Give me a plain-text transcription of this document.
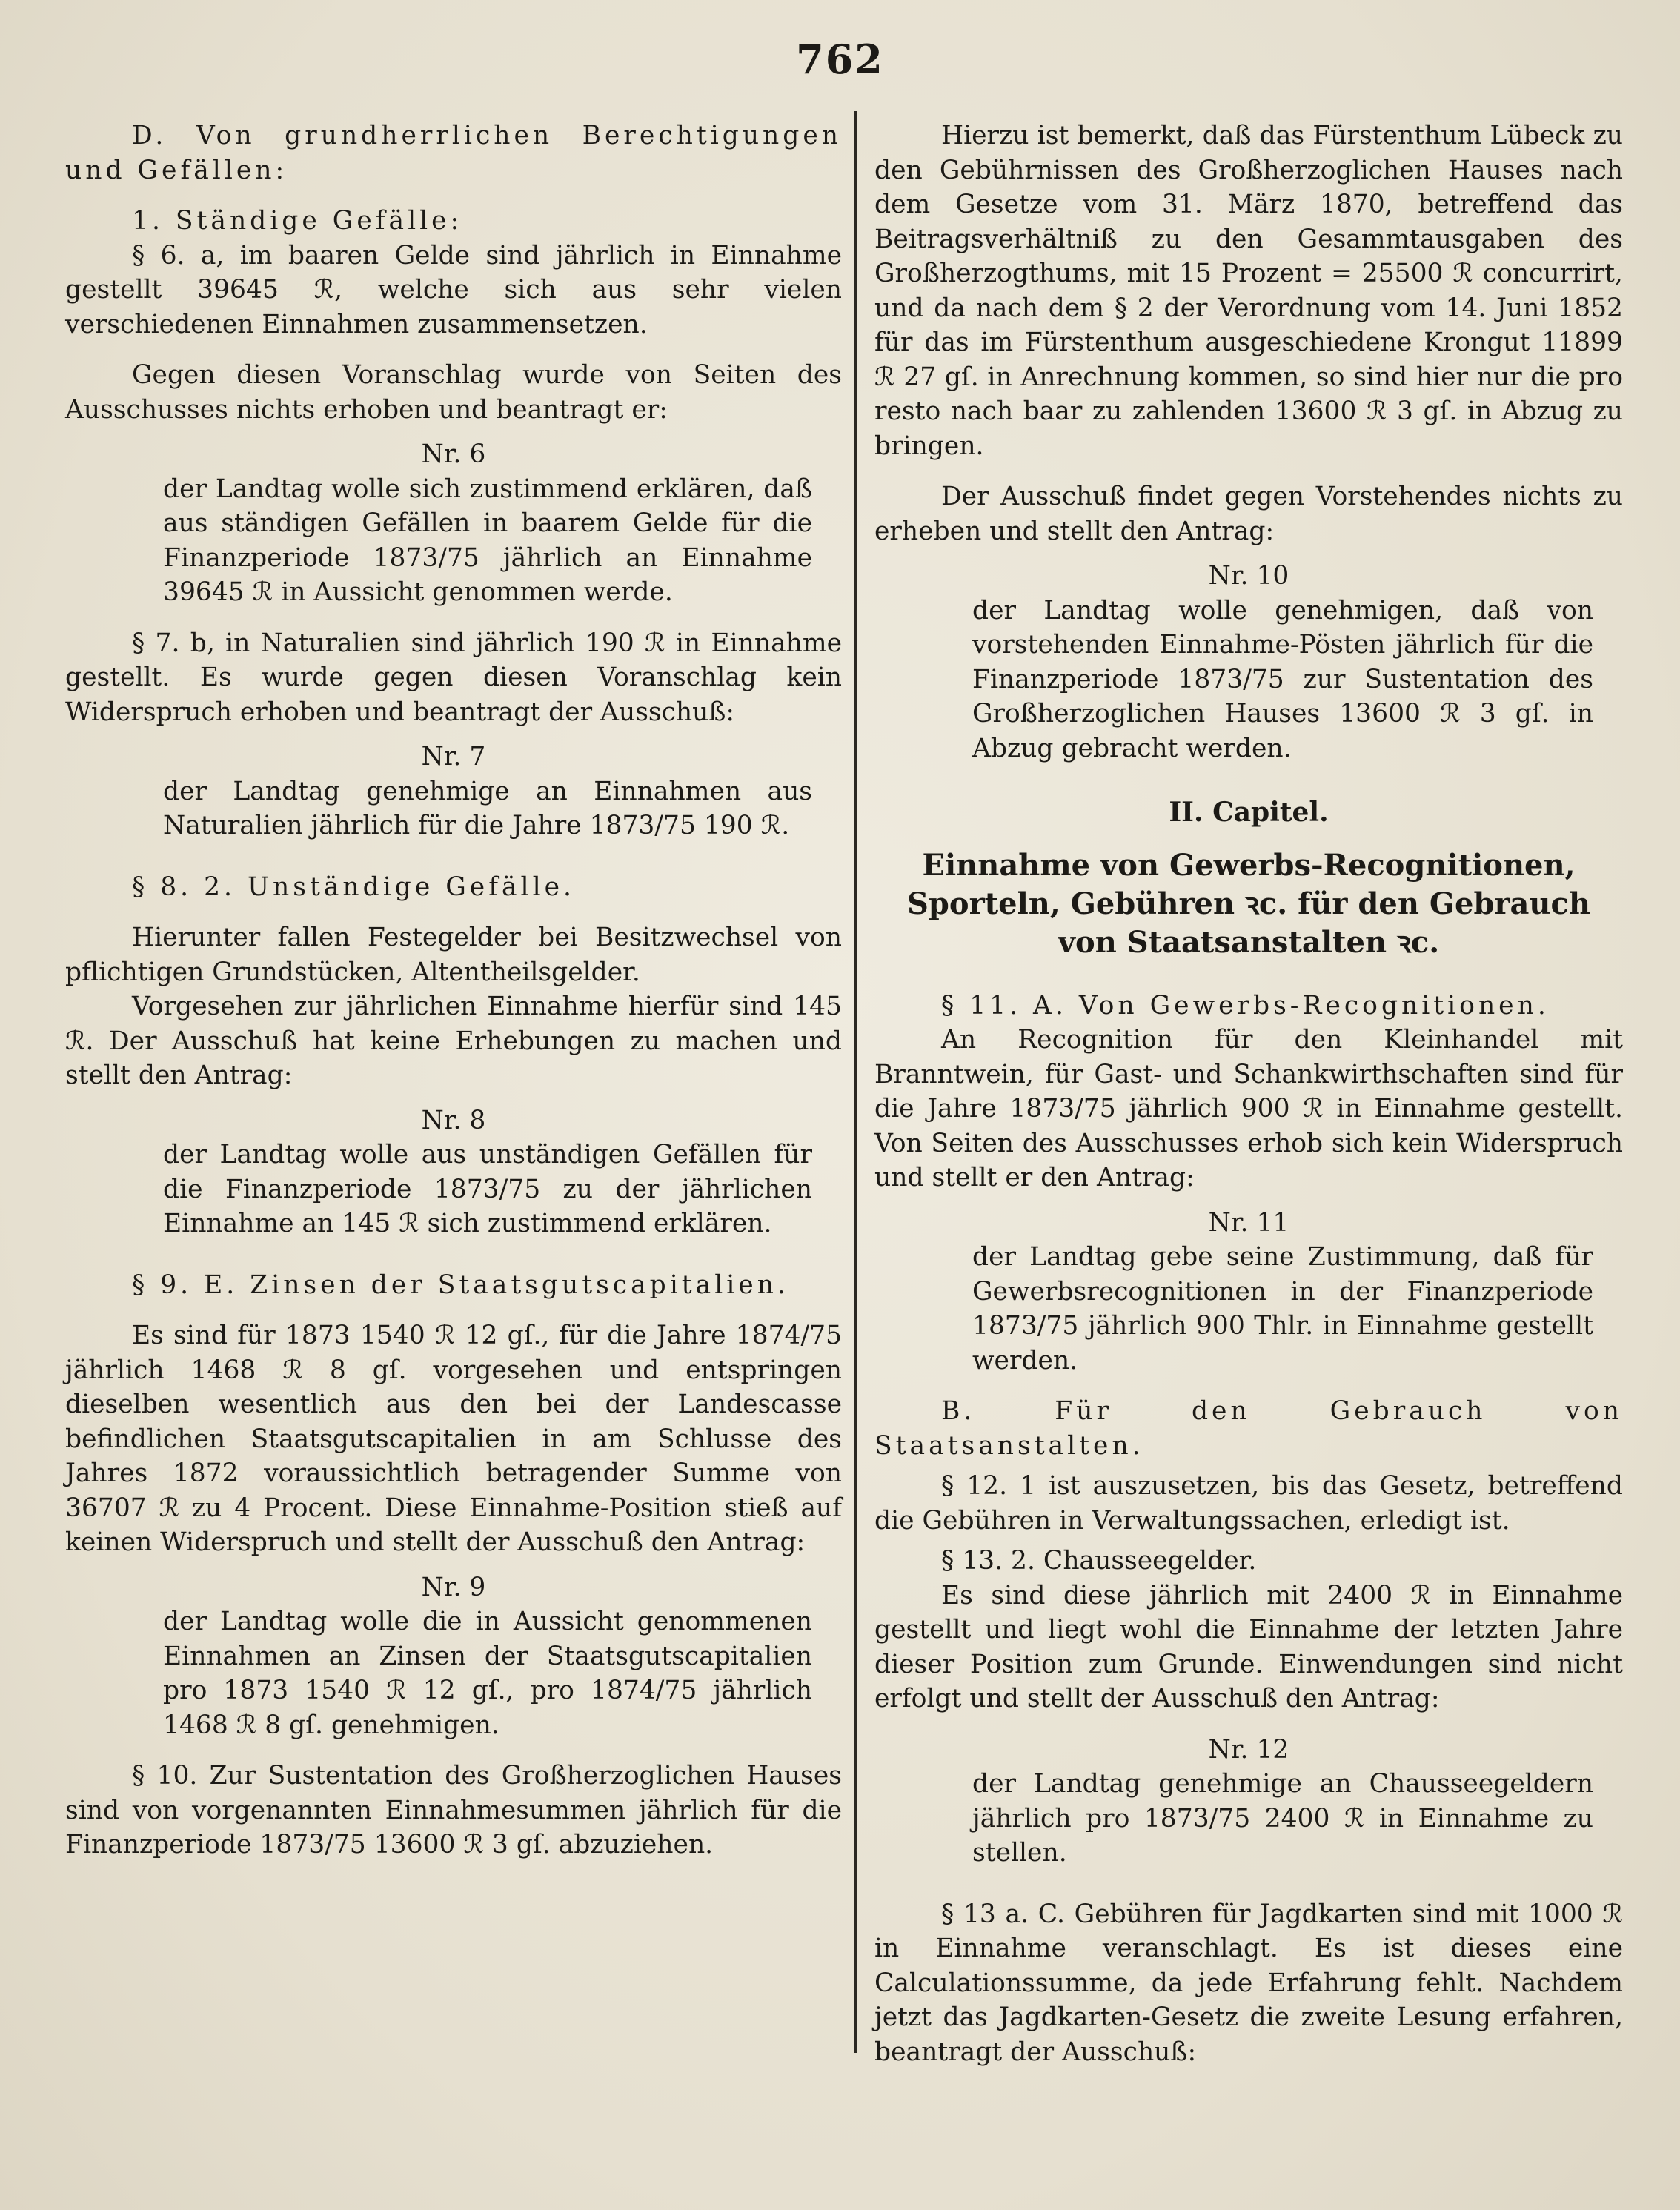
762

D. Von grundherrlichen Berechtigungen und Gefällen:

1. Ständige Gefälle:

§ 6. a, im baaren Gelde sind jährlich in Einnahme gestellt 39645 ℛ︀, welche sich aus sehr vielen verschiedenen Einnahmen zusammensetzen.

Gegen diesen Voranschlag wurde von Seiten des Ausschusses nichts erhoben und beantragt er:

Nr. 6

der Landtag wolle sich zustimmend erklären, daß aus ständigen Gefällen in baarem Gelde für die Finanzperiode 1873/75 jährlich an Einnahme 39645 ℛ︀ in Aussicht genommen werde.

§ 7. b, in Naturalien sind jährlich 190 ℛ︀ in Einnahme gestellt. Es wurde gegen diesen Voranschlag kein Widerspruch erhoben und beantragt der Ausschuß:

Nr. 7

der Landtag genehmige an Einnahmen aus Naturalien jährlich für die Jahre 1873/75 190 ℛ︀.

§ 8. 2. Unständige Gefälle.

Hierunter fallen Festegelder bei Besitzwechsel von pflichtigen Grundstücken, Altentheilsgelder.

Vorgesehen zur jährlichen Einnahme hierfür sind 145 ℛ︀. Der Ausschuß hat keine Erhebungen zu machen und stellt den Antrag:

Nr. 8

der Landtag wolle aus unständigen Gefällen für die Finanzperiode 1873/75 zu der jährlichen Einnahme an 145 ℛ︀ sich zustimmend erklären.

§ 9. E. Zinsen der Staatsgutscapitalien.

Es sind für 1873 1540 ℛ︀ 12 gſ., für die Jahre 1874/75 jährlich 1468 ℛ︀ 8 gſ. vorgesehen und entspringen dieselben wesentlich aus den bei der Landescasse befindlichen Staatsgutscapitalien in am Schlusse des Jahres 1872 voraussichtlich betragender Summe von 36707 ℛ︀ zu 4 Procent. Diese Einnahme-Position stieß auf keinen Widerspruch und stellt der Ausschuß den Antrag:

Nr. 9

der Landtag wolle die in Aussicht genommenen Einnahmen an Zinsen der Staatsgutscapitalien pro 1873 1540 ℛ︀ 12 gſ., pro 1874/75 jährlich 1468 ℛ︀ 8 gſ. genehmigen.

§ 10. Zur Sustentation des Großherzoglichen Hauses sind von vorgenannten Einnahmesummen jährlich für die Finanzperiode 1873/75 13600 ℛ︀ 3 gſ. abzuziehen.

Hierzu ist bemerkt, daß das Fürstenthum Lübeck zu den Gebührnissen des Großherzoglichen Hauses nach dem Gesetze vom 31. März 1870, betreffend das Beitragsverhältniß zu den Gesammtausgaben des Großherzogthums, mit 15 Prozent = 25500 ℛ︀ concurrirt, und da nach dem § 2 der Verordnung vom 14. Juni 1852 für das im Fürstenthum ausgeschiedene Krongut 11899 ℛ︀ 27 gſ. in Anrechnung kommen, so sind hier nur die pro resto nach baar zu zahlenden 13600 ℛ︀ 3 gſ. in Abzug zu bringen.

Der Ausschuß findet gegen Vorstehendes nichts zu erheben und stellt den Antrag:

Nr. 10

der Landtag wolle genehmigen, daß von vorstehenden Einnahme-Pösten jährlich für die Finanzperiode 1873/75 zur Sustentation des Großherzoglichen Hauses 13600 ℛ︀ 3 gſ. in Abzug gebracht werden.

II. Capitel.

Einnahme von Gewerbs-Recognitionen, Sporteln, Gebühren ꝛc. für den Gebrauch von Staatsanstalten ꝛc.

§ 11. A. Von Gewerbs-Recognitionen.

An Recognition für den Kleinhandel mit Branntwein, für Gast- und Schankwirthschaften sind für die Jahre 1873/75 jährlich 900 ℛ︀ in Einnahme gestellt. Von Seiten des Ausschusses erhob sich kein Widerspruch und stellt er den Antrag:

Nr. 11

der Landtag gebe seine Zustimmung, daß für Gewerbsrecognitionen in der Finanzperiode 1873/75 jährlich 900 Thlr. in Einnahme gestellt werden.

B. Für den Gebrauch von Staatsanstalten.

§ 12. 1 ist auszusetzen, bis das Gesetz, betreffend die Gebühren in Verwaltungssachen, erledigt ist.

§ 13. 2. Chausseegelder.

Es sind diese jährlich mit 2400 ℛ︀ in Einnahme gestellt und liegt wohl die Einnahme der letzten Jahre dieser Position zum Grunde. Einwendungen sind nicht erfolgt und stellt der Ausschuß den Antrag:

Nr. 12

der Landtag genehmige an Chausseegeldern jährlich pro 1873/75 2400 ℛ︀ in Einnahme zu stellen.

§ 13 a. C. Gebühren für Jagdkarten sind mit 1000 ℛ︀ in Einnahme veranschlagt. Es ist dieses eine Calculationssumme, da jede Erfahrung fehlt. Nachdem jetzt das Jagdkarten-Gesetz die zweite Lesung erfahren, beantragt der Ausschuß:
